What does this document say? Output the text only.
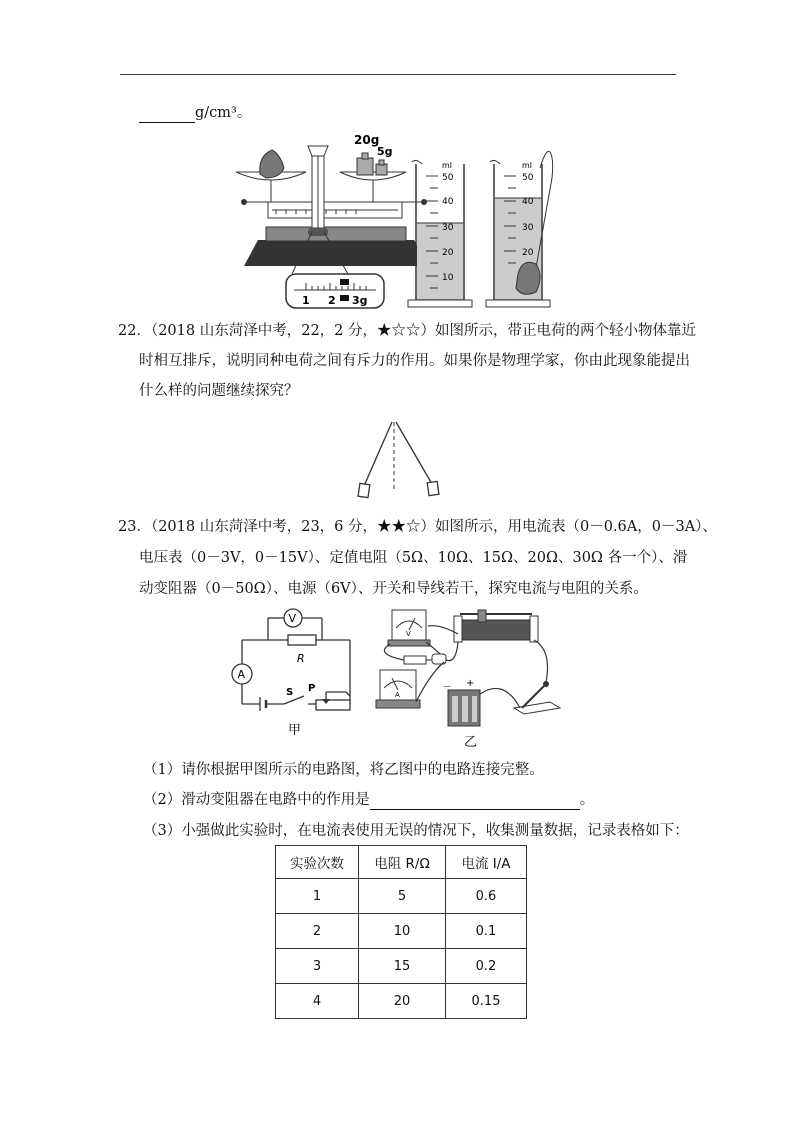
g/cm³。
20g
5g
1 2 3g
ml
50
40
30
20
10
ml
50
40
30
20
22．（2018 山东菏泽中考，22，2 分，★☆☆）如图所示，带正电荷的两个轻小物体靠近
时相互排斥，说明同种电荷之间有斥力的作用。如果你是物理学家，你由此现象能提出
什么样的问题继续探究？
23．（2018 山东菏泽中考，23，6 分，★★☆）如图所示，用电流表（0－0.6A，0－3A）、
电压表（0－3V，0－15V）、定值电阻（5Ω、10Ω、15Ω、20Ω、30Ω 各一个）、滑
动变阻器（0－50Ω）、电源（6V）、开关和导线若干，探究电流与电阻的关系。
V
R
A
S P
甲
V
A
－ +
乙
（1）请你根据甲图所示的电路图，将乙图中的电路连接完整。
（2）滑动变阻器在电路中的作用是	。
（3）小强做此实验时，在电流表使用无误的情况下，收集测量数据，记录表格如下：
实验次数	电阻 R/Ω	电流 I/A
1	5	0.6
2	10	0.1
3	15	0.2
4	20	0.15
